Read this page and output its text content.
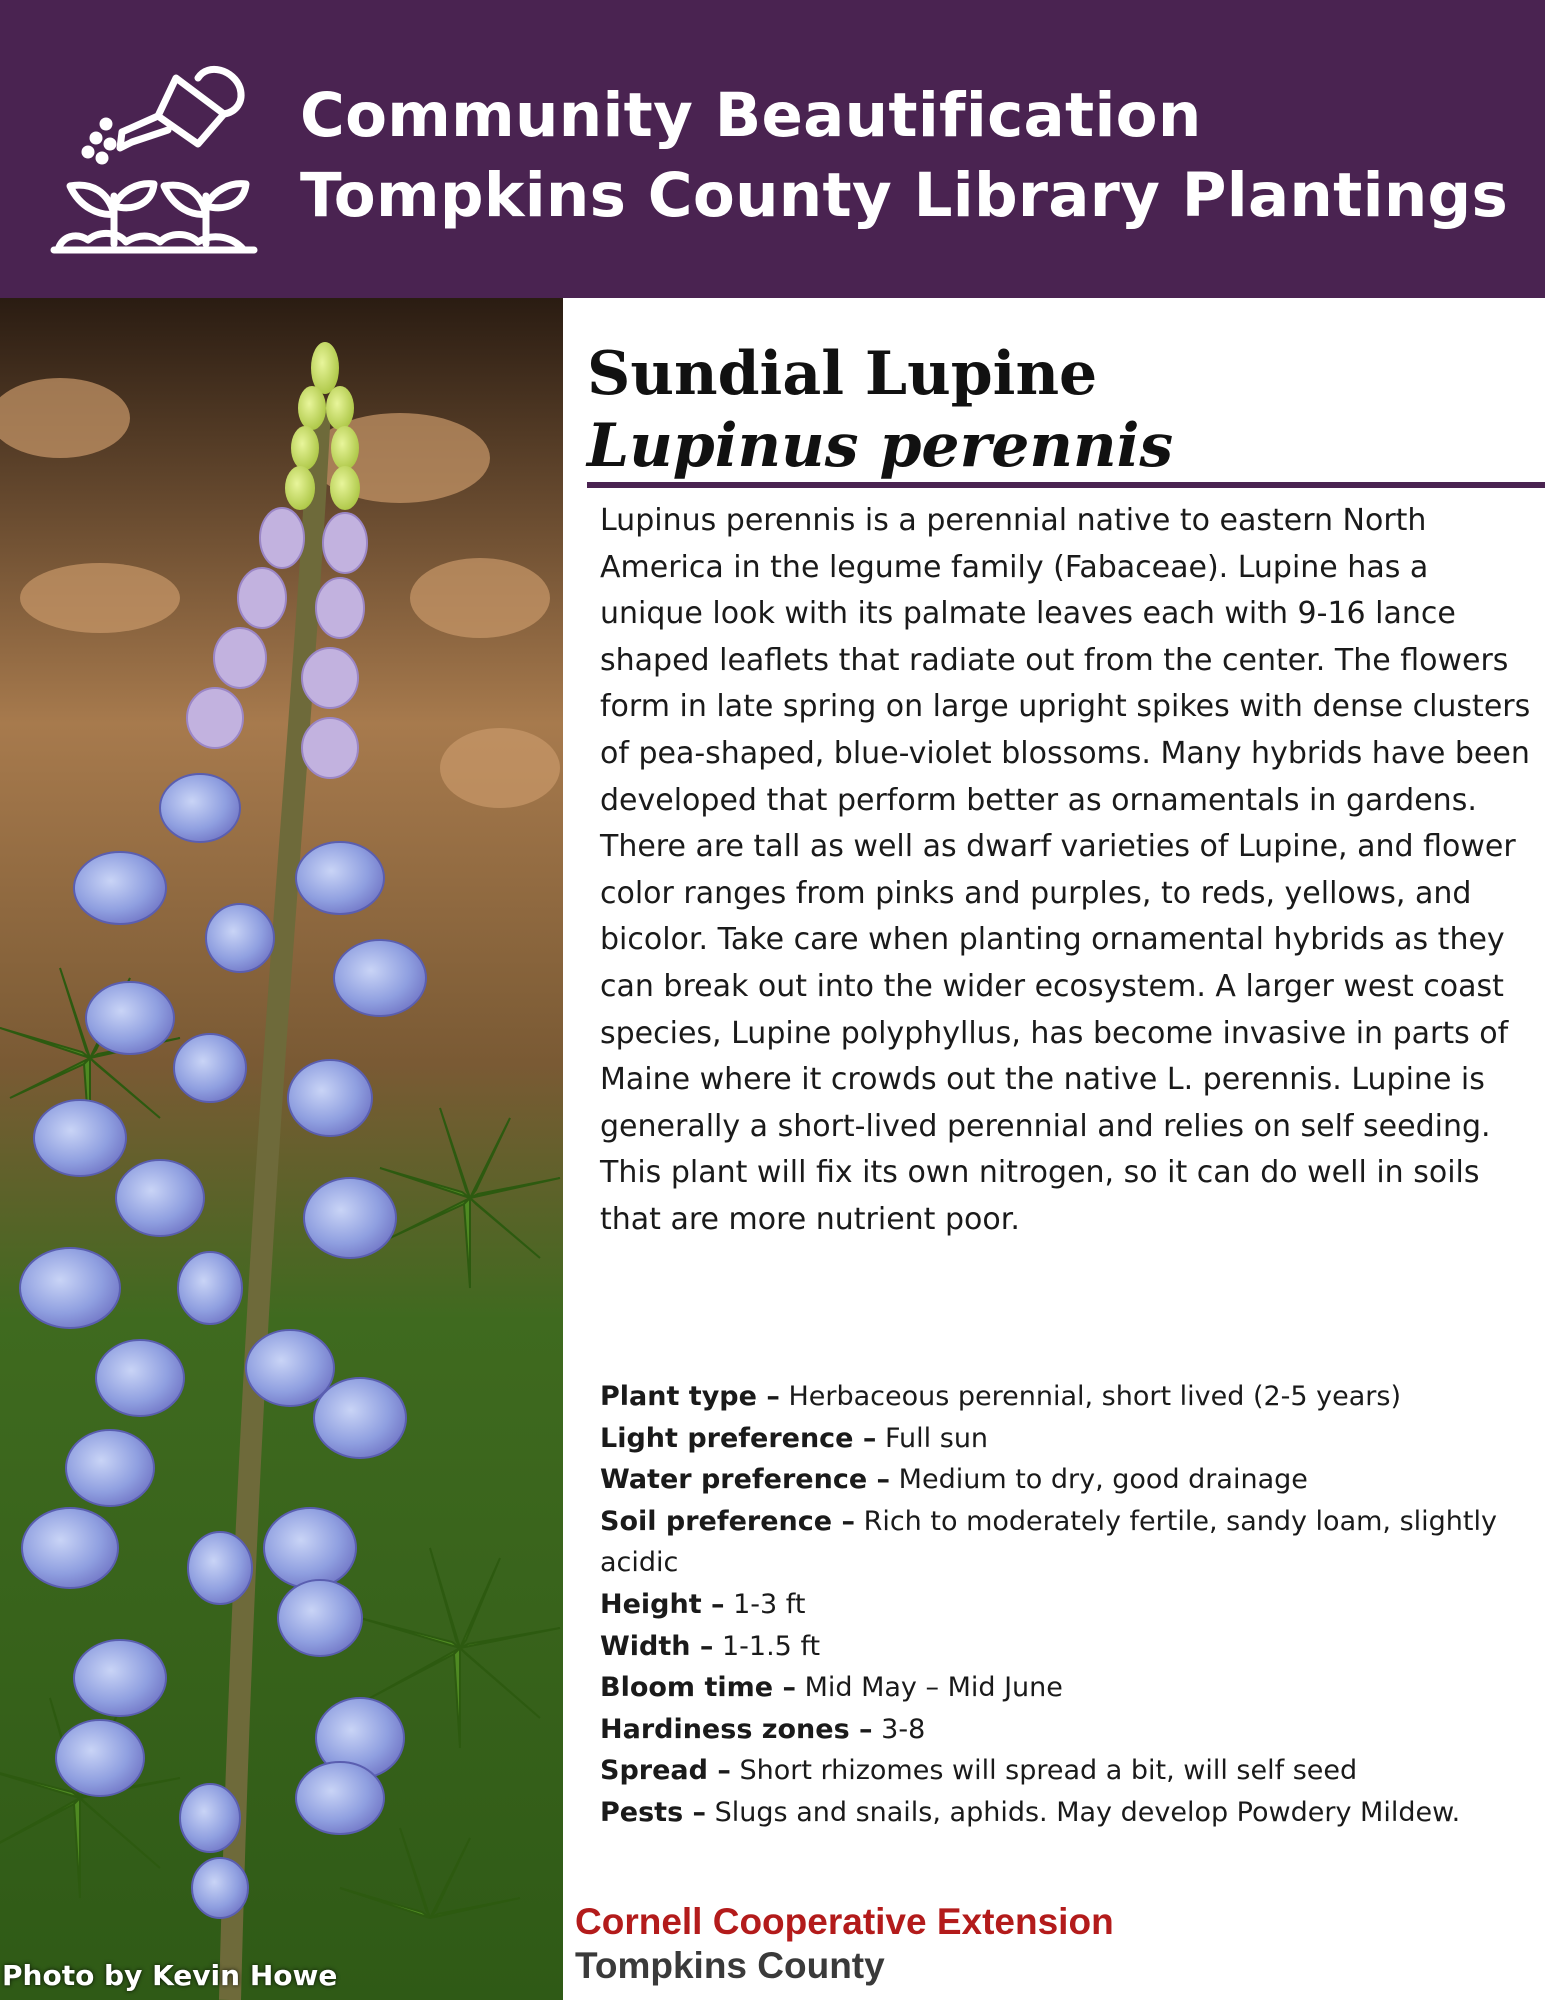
Community Beautification
Tompkins County Library Plantings
Photo by Kevin Howe
Sundial Lupine
Lupinus perennis
Lupinus perennis is a perennial native to eastern North America in the legume family (Fabaceae). Lupine has a unique look with its palmate leaves each with 9-16 lance shaped leaflets that radiate out from the center. The flowers form in late spring on large upright spikes with dense clusters of pea-shaped, blue-violet blossoms. Many hybrids have been developed that perform better as ornamentals in gardens. There are tall as well as dwarf varieties of Lupine, and flower color ranges from pinks and purples, to reds, yellows, and bicolor. Take care when planting ornamental hybrids as they can break out into the wider ecosystem. A larger west coast species, Lupine polyphyllus, has become invasive in parts of Maine where it crowds out the native L. perennis. Lupine is generally a short-lived perennial and relies on self seeding. This plant will fix its own nitrogen, so it can do well in soils that are more nutrient poor.

Plant type – Herbaceous perennial, short lived (2-5 years)

Light preference – Full sun

Water preference – Medium to dry, good drainage

Soil preference – Rich to moderately fertile, sandy loam, slightly acidic

Height – 1-3 ft

Width – 1-1.5 ft

Bloom time – Mid May – Mid June

Hardiness zones – 3-8

Spread – Short rhizomes will spread a bit, will self seed

Pests – Slugs and snails, aphids. May develop Powdery Mildew.

Cornell Cooperative Extension
Tompkins County
